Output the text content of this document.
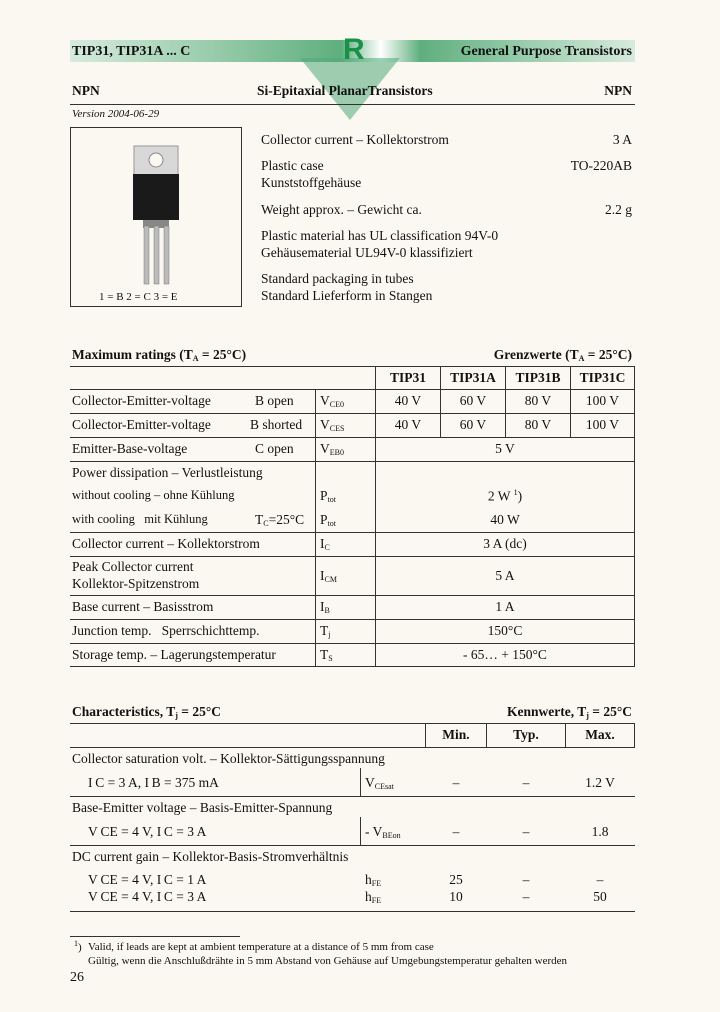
R
TIP31, TIP31A ... C	General Purpose Transistors
NPN	Si-Epitaxial PlanarTransistors	NPN
Version 2004-06-29
1 = B 2 = C 3 = E
Collector current – Kollektorstrom	3 A
Plastic case
Kunststoffgehäuse
TO-220AB
Weight approx. – Gewicht ca.	2.2 g
Plastic material has UL classification 94V-0
Gehäusematerial UL94V-0 klassifiziert
Standard packaging in tubes
Standard Lieferform in Stangen
Maximum ratings $(T_A = 25^\circ C)$	Grenzwerte $(T_A = 25^\circ C)$
TIP31	TIP31A	TIP31B	TIP31C
Collector-Emitter-voltage	B open $V_{CE0}$	40 V	60 V	80 V	100 V
Collector-Emitter-voltage	B shorted $V_{CES}$	40 V	60 V	80 V	100 V
Emitter-Base-voltage	C open $V_{EB0}$	5 V
Power dissipation – Verlustleistung
without cooling – ohne Kühlung	$P_{tot}$	2 W $^1$)
with cooling   mit Kühlung	$T_C=25^\circ C$ $P_{tot}$	40 W
Collector current – Kollektorstrom	$I_C$	3 A (dc)
Peak Collector current
Kollektor-Spitzenstrom
$I_{CM}$	5 A
Base current – Basisstrom	$I_B$	1 A
Junction temp.   Sperrschichttemp.	$T_j$	150°C
Storage temp. – Lagerungstemperatur	$T_S$	- 65… + 150°C
Characteristics, $T_j = 25^\circ C$	Kennwerte, $T_j = 25^\circ C$
Min.	Typ.	Max.
Collector saturation volt. – Kollektor-Sättigungsspannung
I C = 3 A, I B = 375 mA	$V_{CEsat}$	–	–	1.2 V
Base-Emitter voltage – Basis-Emitter-Spannung
V CE = 4 V, I C = 3 A	- $V_{BEon}$	–	–	1.8
DC current gain – Kollektor-Basis-Stromverhältnis
V CE = 4 V, I C = 1 A	$h_{FE}$	25	–	–
V CE = 4 V, I C = 3 A	$h_{FE}$	10	–	50
$^1$) Valid, if leads are kept at ambient temperature at a distance of 5 mm from case
Gültig, wenn die Anschlußdrähte in 5 mm Abstand von Gehäuse auf Umgebungstemperatur gehalten werden
26
